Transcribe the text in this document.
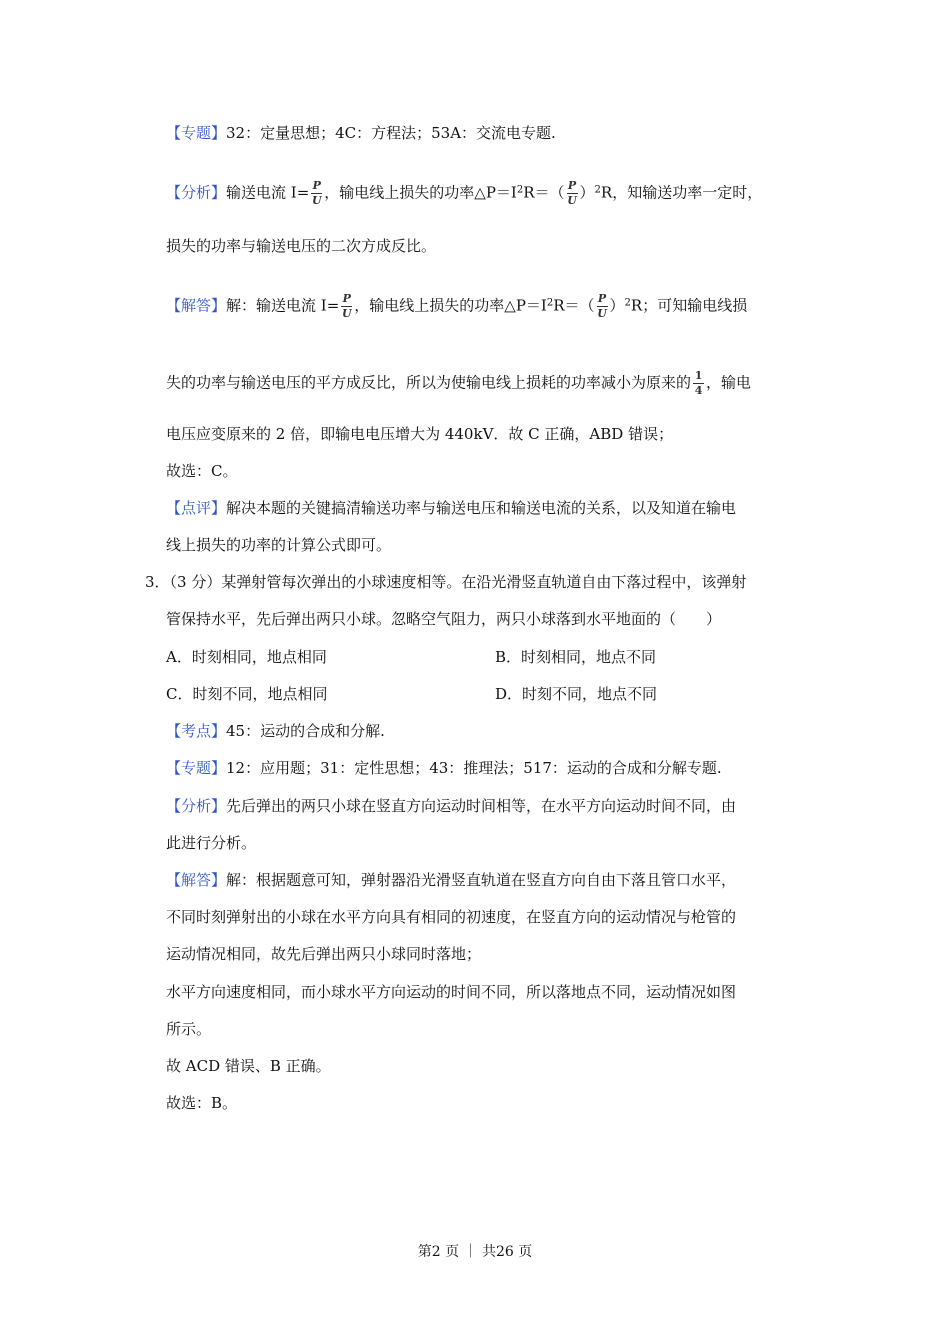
【专题】32：定量思想；4C：方程法；53A：交流电专题.
【分析】输送电流 $I= \frac{P}{U}$ ，输电线上损失的功率$\triangle P=I^2R=( \frac{P}{U} )^2R$，知输送功率一定时，
损失的功率与输送电压的二次方成反比。
【解答】解：输送电流 $I= \frac{P}{U}$ ，输电线上损失的功率$\triangle P=I^2R=( \frac{P}{U} )^2R$；可知输电线损
失的功率与输送电压的平方成反比，所以为使输电线上损耗的功率减小为原来的 $\frac{1}{4}$ ，输电
电压应变原来的 2 倍，即输电电压增大为 440kV．故 C 正确，ABD 错误；
故选：C。
【点评】解决本题的关键搞清输送功率与输送电压和输送电流的关系，以及知道在输电
线上损失的功率的计算公式即可。
3．（3 分）某弹射管每次弹出的小球速度相等。在沿光滑竖直轨道自由下落过程中，该弹射
管保持水平，先后弹出两只小球。忽略空气阻力，两只小球落到水平地面的（　　）
A．时刻相同，地点相同	B．时刻相同，地点不同
C．时刻不同，地点相同	D．时刻不同，地点不同
【考点】45：运动的合成和分解.
【专题】12：应用题；31：定性思想；43：推理法；517：运动的合成和分解专题.
【分析】先后弹出的两只小球在竖直方向运动时间相等，在水平方向运动时间不同，由
此进行分析。
【解答】解：根据题意可知，弹射器沿光滑竖直轨道在竖直方向自由下落且管口水平，
不同时刻弹射出的小球在水平方向具有相同的初速度，在竖直方向的运动情况与枪管的
运动情况相同，故先后弹出两只小球同时落地；
水平方向速度相同，而小球水平方向运动的时间不同，所以落地点不同，运动情况如图
所示。
故 ACD 错误、B 正确。
故选：B。
第2 页 ｜ 共26 页
